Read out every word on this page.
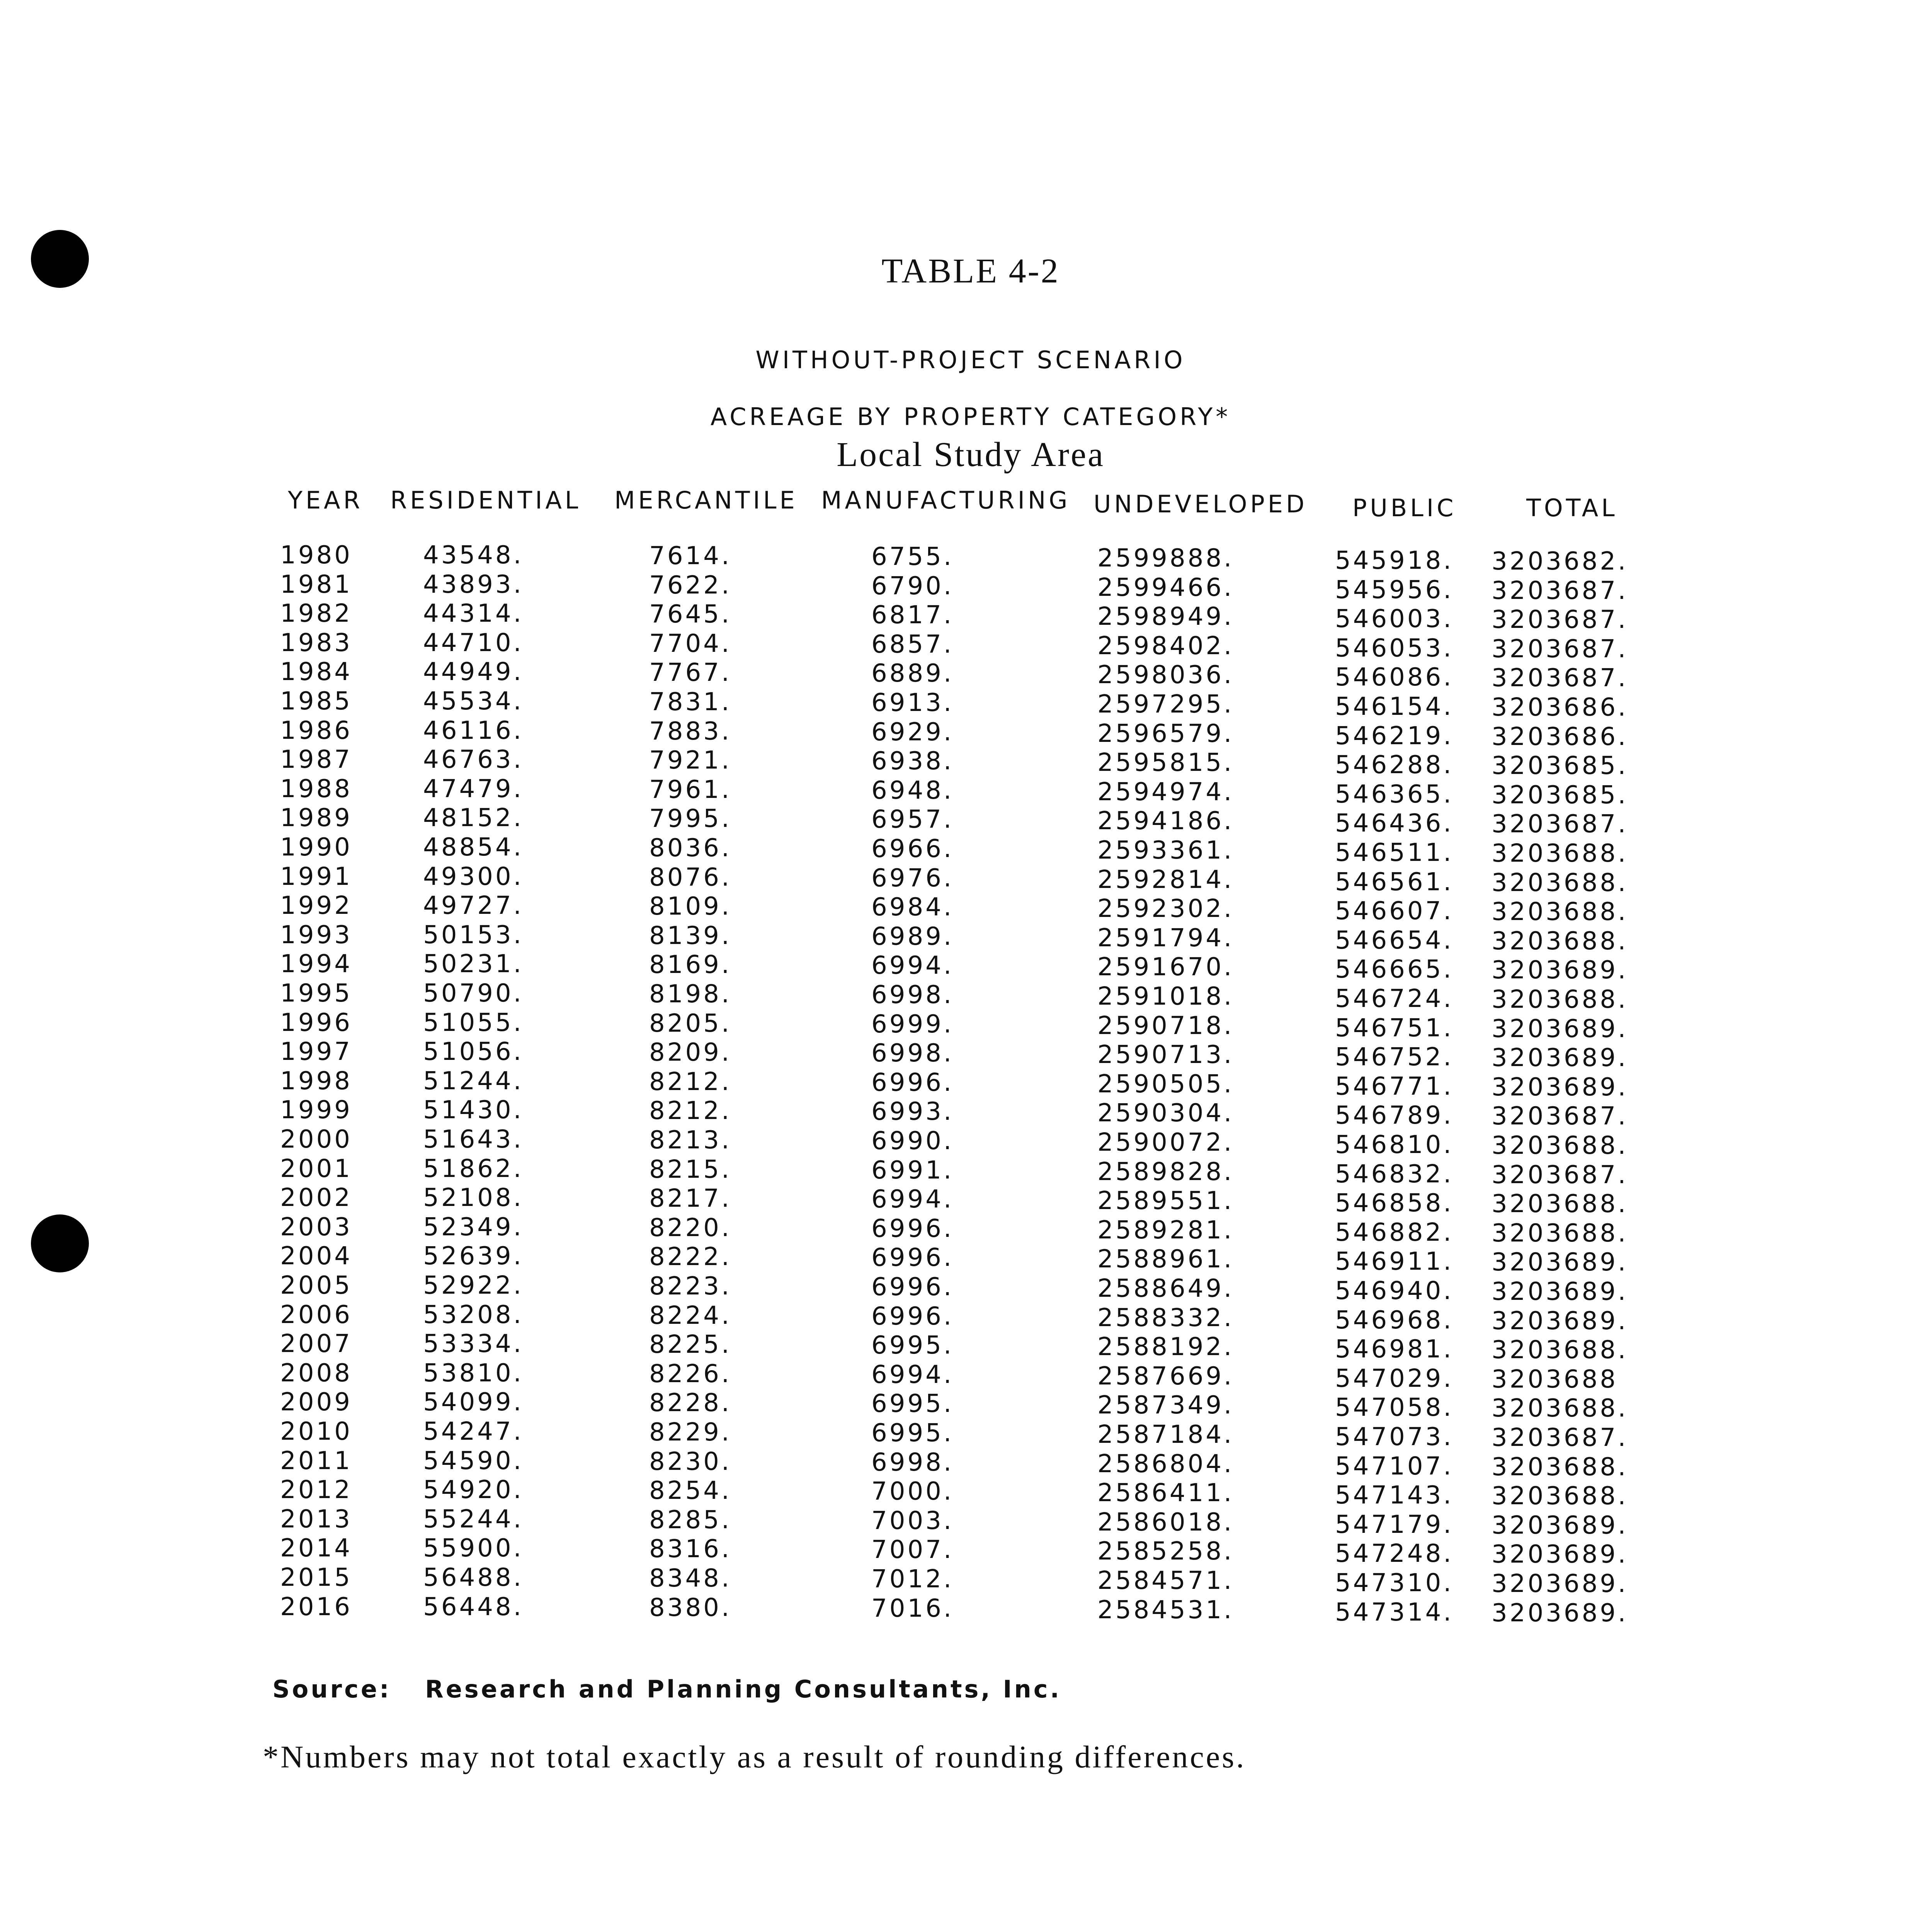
TABLE 4-2
WITHOUT-PROJECT SCENARIO
ACREAGE BY PROPERTY CATEGORY*
Local Study Area
YEAR RESIDENTIAL MERCANTILE MANUFACTURING UNDEVELOPED PUBLIC	TOTAL
1980	43548.	7614.	6755.	2599888.	545918. 3203682.
1981	43893.	7622.	6790.	2599466.	545956. 3203687.
1982	44314.	7645.	6817.	2598949.	546003. 3203687.
1983	44710.	7704.	6857.	2598402.	546053. 3203687.
1984	44949.	7767.	6889.	2598036.	546086. 3203687.
1985	45534.	7831.	6913.	2597295.	546154. 3203686.
1986	46116.	7883.	6929.	2596579.	546219. 3203686.
1987	46763.	7921.	6938.	2595815.	546288. 3203685.
1988	47479.	7961.	6948.	2594974.	546365. 3203685.
1989	48152.	7995.	6957.	2594186.	546436. 3203687.
1990	48854.	8036.	6966.	2593361.	546511. 3203688.
1991	49300.	8076.	6976.	2592814.	546561. 3203688.
1992	49727.	8109.	6984.	2592302.	546607. 3203688.
1993	50153.	8139.	6989.	2591794.	546654. 3203688.
1994	50231.	8169.	6994.	2591670.	546665. 3203689.
1995	50790.	8198.	6998.	2591018.	546724. 3203688.
1996	51055.	8205.	6999.	2590718.	546751. 3203689.
1997	51056.	8209.	6998.	2590713.	546752. 3203689.
1998	51244.	8212.	6996.	2590505.	546771. 3203689.
1999	51430.	8212.	6993.	2590304.	546789. 3203687.
2000	51643.	8213.	6990.	2590072.	546810. 3203688.
2001	51862.	8215.	6991.	2589828.	546832. 3203687.
2002	52108.	8217.	6994.	2589551.	546858. 3203688.
2003	52349.	8220.	6996.	2589281.	546882. 3203688.
2004	52639.	8222.	6996.	2588961.	546911. 3203689.
2005	52922.	8223.	6996.	2588649.	546940. 3203689.
2006	53208.	8224.	6996.	2588332.	546968. 3203689.
2007	53334.	8225.	6995.	2588192.	546981. 3203688.
2008	53810.	8226.	6994.	2587669.	547029. 3203688
2009	54099.	8228.	6995.	2587349.	547058. 3203688.
2010	54247.	8229.	6995.	2587184.	547073. 3203687.
2011	54590.	8230.	6998.	2586804.	547107. 3203688.
2012	54920.	8254.	7000.	2586411.	547143. 3203688.
2013	55244.	8285.	7003.	2586018.	547179. 3203689.
2014	55900.	8316.	7007.	2585258.	547248. 3203689.
2015	56488.	8348.	7012.	2584571.	547310. 3203689.
2016	56448.	8380.	7016.	2584531.	547314. 3203689.
Source: Research and Planning Consultants, Inc.
*Numbers may not total exactly as a result of rounding differences.
